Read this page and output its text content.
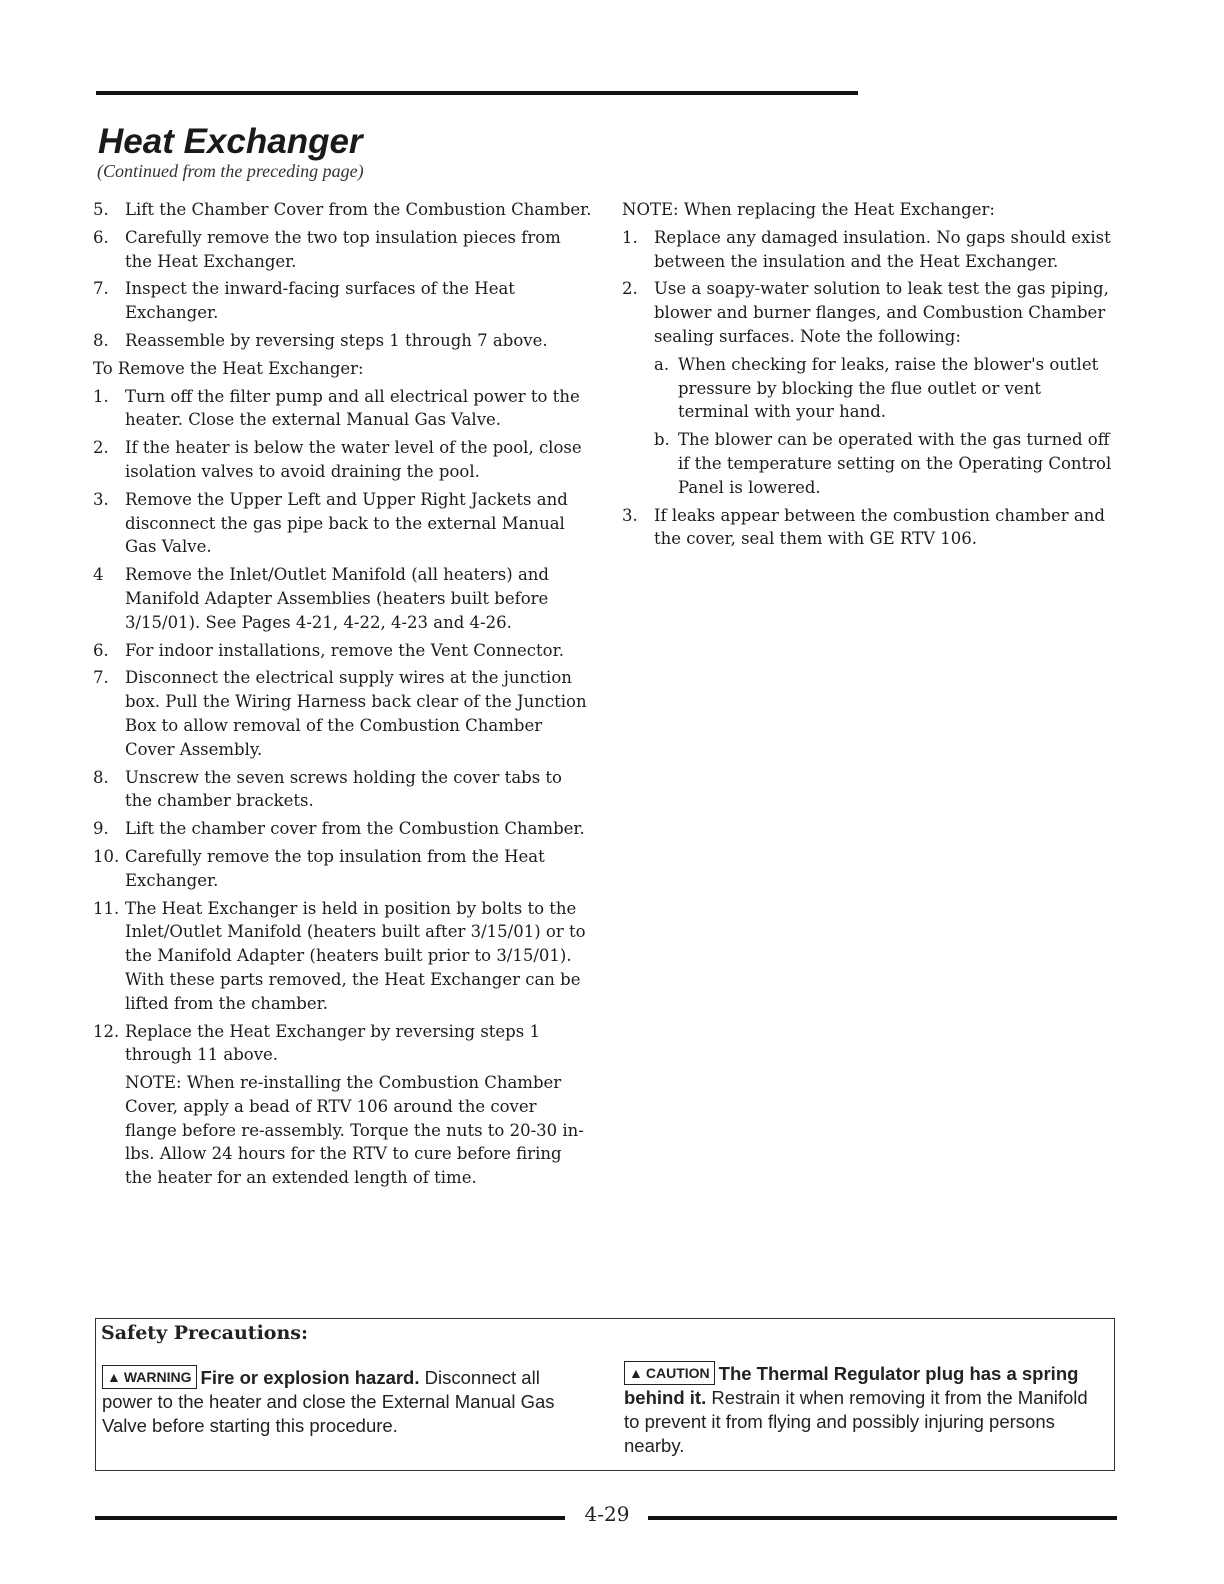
Heat Exchanger

(Continued from the preceding page)

5. Lift the Chamber Cover from the Combustion Chamber.
6. Carefully remove the two top insulation pieces from the Heat Exchanger.
7. Inspect the inward-facing surfaces of the Heat Exchanger.
8. Reassemble by reversing steps 1 through 7 above.
To Remove the Heat Exchanger:
1. Turn off the filter pump and all electrical power to the heater. Close the external Manual Gas Valve.
2. If the heater is below the water level of the pool, close isolation valves to avoid draining the pool.
3. Remove the Upper Left and Upper Right Jackets and disconnect the gas pipe back to the external Manual Gas Valve.
4	Remove the Inlet/Outlet Manifold (all heaters) and Manifold Adapter Assemblies (heaters built before 3/15/01). See Pages 4-21, 4-22, 4-23 and 4-26.
6. For indoor installations, remove the Vent Connector.
7. Disconnect the electrical supply wires at the junction box. Pull the Wiring Harness back clear of the Junction Box to allow removal of the Combustion Chamber Cover Assembly.
8. Unscrew the seven screws holding the cover tabs to the chamber brackets.
9. Lift the chamber cover from the Combustion Chamber.
10. Carefully remove the top insulation from the Heat Exchanger.
11. The Heat Exchanger is held in position by bolts to the Inlet/Outlet Manifold (heaters built after 3/15/01) or to the Manifold Adapter (heaters built prior to 3/15/01). With these parts removed, the Heat Exchanger can be lifted from the chamber.
12. Replace the Heat Exchanger by reversing steps 1 through 11 above.
NOTE: When re-installing the Combustion Chamber Cover, apply a bead of RTV 106 around the cover flange before re-assembly. Torque the nuts to 20-30 in-lbs. Allow 24 hours for the RTV to cure before firing the heater for an extended length of time.
NOTE: When replacing the Heat Exchanger:
1. Replace any damaged insulation. No gaps should exist between the insulation and the Heat Exchanger.
2. Use a soapy-water solution to leak test the gas piping, blower and burner flanges, and Combustion Chamber sealing surfaces. Note the following:
a. When checking for leaks, raise the blower's outlet pressure by blocking the flue outlet or vent terminal with your hand.
b. The blower can be operated with the gas turned off if the temperature setting on the Operating Control Panel is lowered.
3. If leaks appear between the combustion chamber and the cover, seal them with GE RTV 106.

Safety Precautions:

▲ WARNING Fire or explosion hazard. Disconnect all power to the heater and close the External Manual Gas Valve before starting this procedure.
▲ CAUTION The Thermal Regulator plug has a spring behind it. Restrain it when removing it from the Manifold to prevent it from flying and possibly injuring persons nearby.
4-29
